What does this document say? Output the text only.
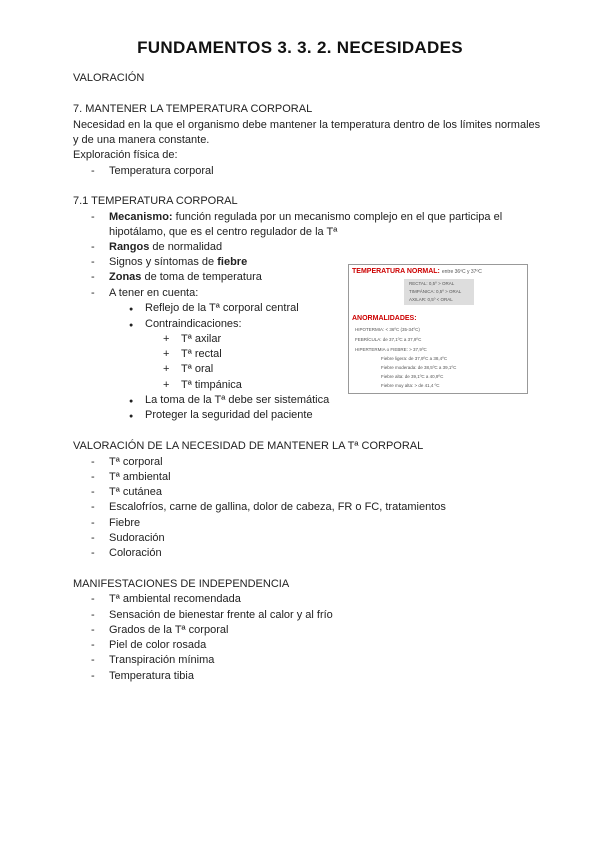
FUNDAMENTOS 3. 3. 2. NECESIDADES
VALORACIÓN
7. MANTENER LA TEMPERATURA CORPORAL
Necesidad en la que el organismo debe mantener la temperatura dentro de los límites normales
y de una manera constante.
Exploración física de:
- Temperatura corporal
7.1 TEMPERATURA CORPORAL
- Mecanismo: función regulada por un mecanismo complejo en el que participa el
hipotálamo, que es el centro regulador de la Tª
- Rangos de normalidad
- Signos y síntomas de fiebre
- Zonas de toma de temperatura
- A tener en cuenta:
● Reflejo de la Tª corporal central
● Contraindicaciones:
+ Tª axilar
+ Tª rectal
+ Tª oral
+ Tª timpánica
● La toma de la Tª debe ser sistemática
● Proteger la seguridad del paciente
TEMPERATURA NORMAL: entre 36ºC y 37ºC
RECTAL: 0,5º > ORAL
TIMPÁNICA: 0,5º > ORAL
AXILAR: 0,5º < ORAL
ANORMALIDADES:
HIPOTERMIA: < 36ºC (35-34ºC)
FEBRÍCULA: de 37,1ºC a 37,9ºC
HIPERTERMIA o FIEBRE: > 37,9ºC
Fiebre ligera: de 37,9ºC a 38,4ºC
Fiebre moderada: de 38,5ºC a 39,1ºC
Fiebre alta: de 39,1ºC a 40,9ºC
Fiebre muy alta: > de 41,4 ºC
VALORACIÓN DE LA NECESIDAD DE MANTENER LA Tª CORPORAL
- Tª corporal
- Tª ambiental
- Tª cutánea
- Escalofríos, carne de gallina, dolor de cabeza, FR o FC, tratamientos
- Fiebre
- Sudoración
- Coloración
MANIFESTACIONES DE INDEPENDENCIA
- Tª ambiental recomendada
- Sensación de bienestar frente al calor y al frío
- Grados de la Tª corporal
- Piel de color rosada
- Transpiración mínima
- Temperatura tibia
